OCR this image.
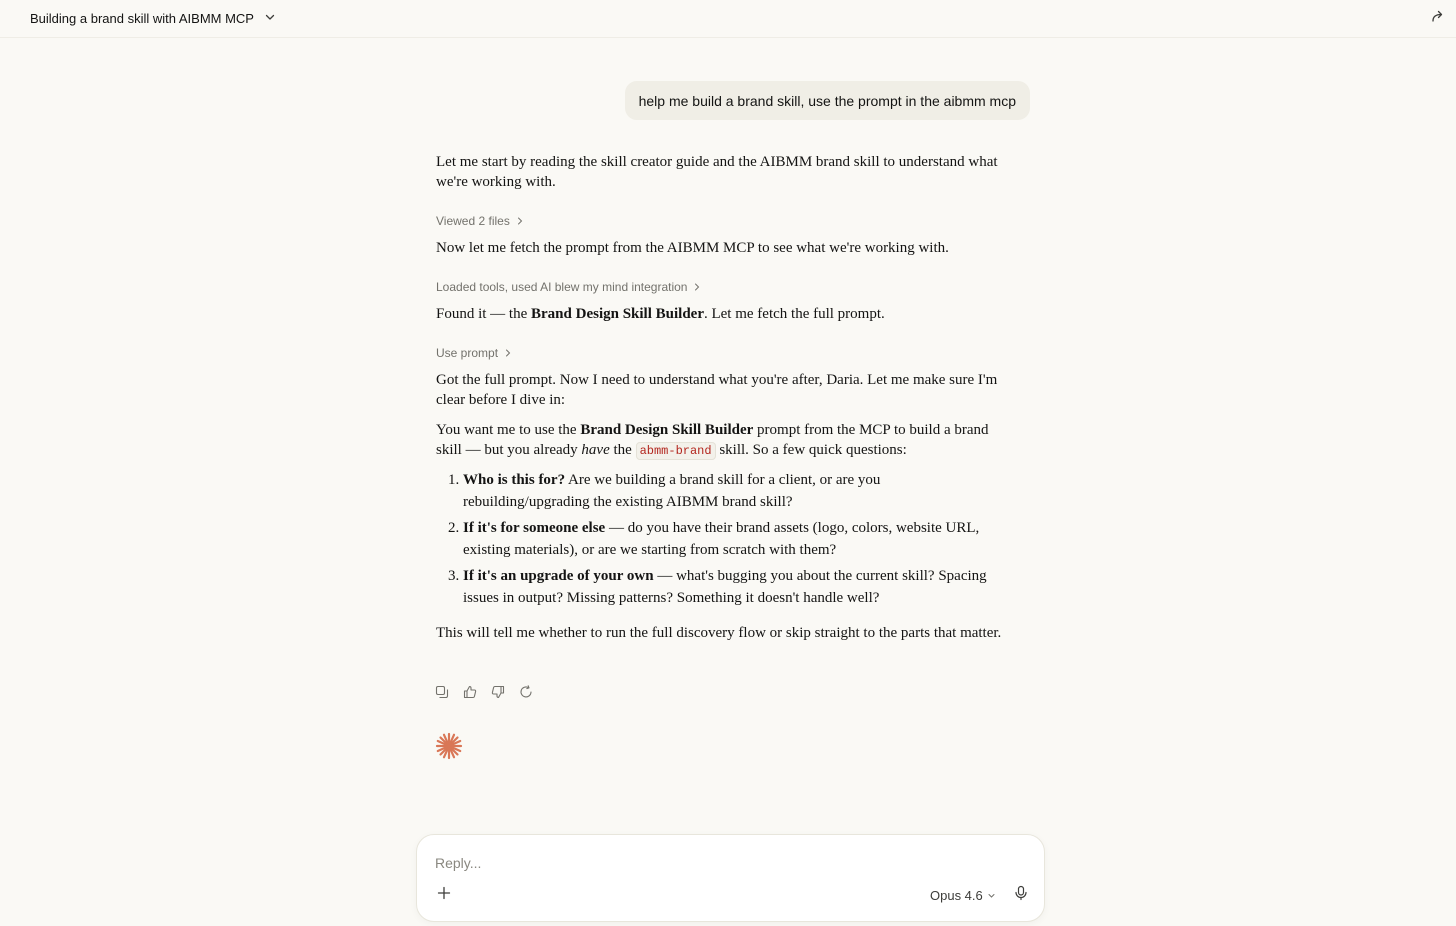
Building a brand skill with AIBMM MCP
help me build a brand skill, use the prompt in the aibmm mcp

Let me start by reading the skill creator guide and the AIBMM brand skill to understand what we're working with.

Viewed 2 files

Now let me fetch the prompt from the AIBMM MCP to see what we're working with.

Loaded tools, used AI blew my mind integration

Found it — the Brand Design Skill Builder. Let me fetch the full prompt.

Use prompt

Got the full prompt. Now I need to understand what you're after, Daria. Let me make sure I'm clear before I dive in:

You want me to use the Brand Design Skill Builder prompt from the MCP to build a brand skill — but you already have the abmm-brand skill. So a few quick questions:

1. Who is this for? Are we building a brand skill for a client, or are you rebuilding/upgrading the existing AIBMM brand skill?
2. If it's for someone else — do you have their brand assets (logo, colors, website URL, existing materials), or are we starting from scratch with them?
3. If it's an upgrade of your own — what's bugging you about the current skill? Spacing issues in output? Missing patterns? Something it doesn't handle well?

This will tell me whether to run the full discovery flow or skip straight to the parts that matter.

Reply...
Opus 4.6
